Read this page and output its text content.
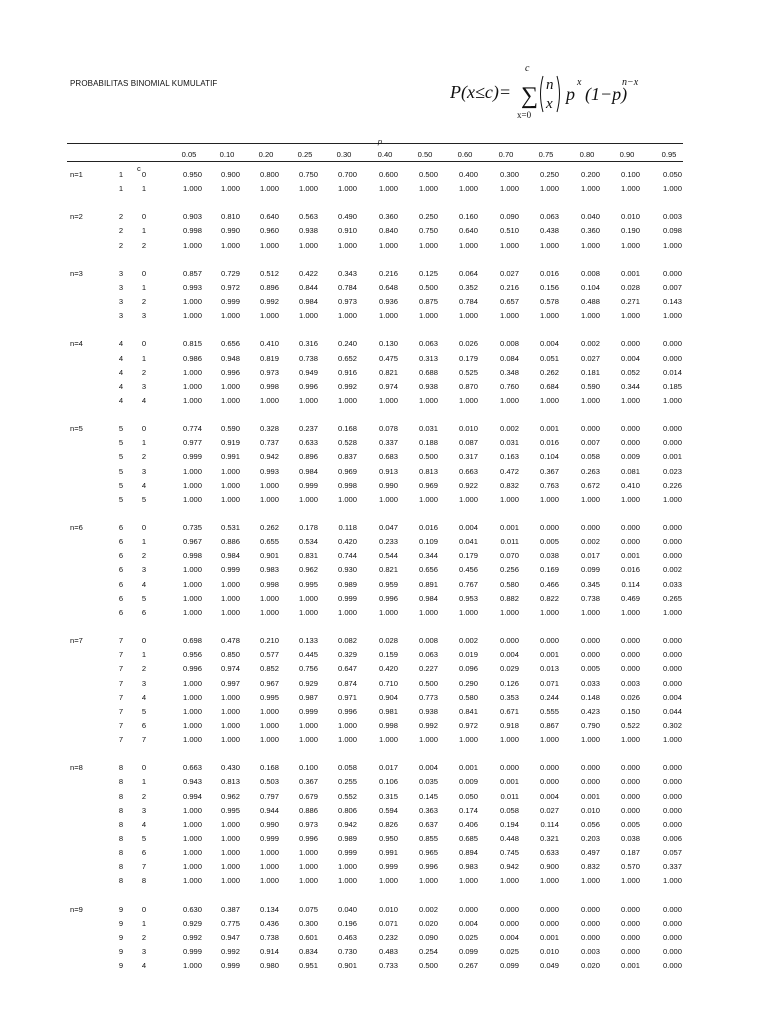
PROBABILITAS BINOMIAL KUMULATIF	P(x≤c)= ∑
c
x=0
n
x p
x
(1−p)
n−x
p
0.05	0.10	0.20	0.25	0.30	0.40	0.50	0.60	0.70	0.75	0.80	0.90	0.95
c
n=1	1	0	0.950	0.900	0.800	0.750	0.700	0.600	0.500	0.400	0.300	0.250	0.200	0.100	0.050
1	1	1.000	1.000	1.000	1.000	1.000	1.000	1.000	1.000	1.000	1.000	1.000	1.000	1.000
n=2	2	0	0.903	0.810	0.640	0.563	0.490	0.360	0.250	0.160	0.090	0.063	0.040	0.010	0.003
2	1	0.998	0.990	0.960	0.938	0.910	0.840	0.750	0.640	0.510	0.438	0.360	0.190	0.098
2	2	1.000	1.000	1.000	1.000	1.000	1.000	1.000	1.000	1.000	1.000	1.000	1.000	1.000
n=3	3	0	0.857	0.729	0.512	0.422	0.343	0.216	0.125	0.064	0.027	0.016	0.008	0.001	0.000
3	1	0.993	0.972	0.896	0.844	0.784	0.648	0.500	0.352	0.216	0.156	0.104	0.028	0.007
3	2	1.000	0.999	0.992	0.984	0.973	0.936	0.875	0.784	0.657	0.578	0.488	0.271	0.143
3	3	1.000	1.000	1.000	1.000	1.000	1.000	1.000	1.000	1.000	1.000	1.000	1.000	1.000
n=4	4	0	0.815	0.656	0.410	0.316	0.240	0.130	0.063	0.026	0.008	0.004	0.002	0.000	0.000
4	1	0.986	0.948	0.819	0.738	0.652	0.475	0.313	0.179	0.084	0.051	0.027	0.004	0.000
4	2	1.000	0.996	0.973	0.949	0.916	0.821	0.688	0.525	0.348	0.262	0.181	0.052	0.014
4	3	1.000	1.000	0.998	0.996	0.992	0.974	0.938	0.870	0.760	0.684	0.590	0.344	0.185
4	4	1.000	1.000	1.000	1.000	1.000	1.000	1.000	1.000	1.000	1.000	1.000	1.000	1.000
n=5	5	0	0.774	0.590	0.328	0.237	0.168	0.078	0.031	0.010	0.002	0.001	0.000	0.000	0.000
5	1	0.977	0.919	0.737	0.633	0.528	0.337	0.188	0.087	0.031	0.016	0.007	0.000	0.000
5	2	0.999	0.991	0.942	0.896	0.837	0.683	0.500	0.317	0.163	0.104	0.058	0.009	0.001
5	3	1.000	1.000	0.993	0.984	0.969	0.913	0.813	0.663	0.472	0.367	0.263	0.081	0.023
5	4	1.000	1.000	1.000	0.999	0.998	0.990	0.969	0.922	0.832	0.763	0.672	0.410	0.226
5	5	1.000	1.000	1.000	1.000	1.000	1.000	1.000	1.000	1.000	1.000	1.000	1.000	1.000
n=6	6	0	0.735	0.531	0.262	0.178	0.118	0.047	0.016	0.004	0.001	0.000	0.000	0.000	0.000
6	1	0.967	0.886	0.655	0.534	0.420	0.233	0.109	0.041	0.011	0.005	0.002	0.000	0.000
6	2	0.998	0.984	0.901	0.831	0.744	0.544	0.344	0.179	0.070	0.038	0.017	0.001	0.000
6	3	1.000	0.999	0.983	0.962	0.930	0.821	0.656	0.456	0.256	0.169	0.099	0.016	0.002
6	4	1.000	1.000	0.998	0.995	0.989	0.959	0.891	0.767	0.580	0.466	0.345	0.114	0.033
6	5	1.000	1.000	1.000	1.000	0.999	0.996	0.984	0.953	0.882	0.822	0.738	0.469	0.265
6	6	1.000	1.000	1.000	1.000	1.000	1.000	1.000	1.000	1.000	1.000	1.000	1.000	1.000
n=7	7	0	0.698	0.478	0.210	0.133	0.082	0.028	0.008	0.002	0.000	0.000	0.000	0.000	0.000
7	1	0.956	0.850	0.577	0.445	0.329	0.159	0.063	0.019	0.004	0.001	0.000	0.000	0.000
7	2	0.996	0.974	0.852	0.756	0.647	0.420	0.227	0.096	0.029	0.013	0.005	0.000	0.000
7	3	1.000	0.997	0.967	0.929	0.874	0.710	0.500	0.290	0.126	0.071	0.033	0.003	0.000
7	4	1.000	1.000	0.995	0.987	0.971	0.904	0.773	0.580	0.353	0.244	0.148	0.026	0.004
7	5	1.000	1.000	1.000	0.999	0.996	0.981	0.938	0.841	0.671	0.555	0.423	0.150	0.044
7	6	1.000	1.000	1.000	1.000	1.000	0.998	0.992	0.972	0.918	0.867	0.790	0.522	0.302
7	7	1.000	1.000	1.000	1.000	1.000	1.000	1.000	1.000	1.000	1.000	1.000	1.000	1.000
n=8	8	0	0.663	0.430	0.168	0.100	0.058	0.017	0.004	0.001	0.000	0.000	0.000	0.000	0.000
8	1	0.943	0.813	0.503	0.367	0.255	0.106	0.035	0.009	0.001	0.000	0.000	0.000	0.000
8	2	0.994	0.962	0.797	0.679	0.552	0.315	0.145	0.050	0.011	0.004	0.001	0.000	0.000
8	3	1.000	0.995	0.944	0.886	0.806	0.594	0.363	0.174	0.058	0.027	0.010	0.000	0.000
8	4	1.000	1.000	0.990	0.973	0.942	0.826	0.637	0.406	0.194	0.114	0.056	0.005	0.000
8	5	1.000	1.000	0.999	0.996	0.989	0.950	0.855	0.685	0.448	0.321	0.203	0.038	0.006
8	6	1.000	1.000	1.000	1.000	0.999	0.991	0.965	0.894	0.745	0.633	0.497	0.187	0.057
8	7	1.000	1.000	1.000	1.000	1.000	0.999	0.996	0.983	0.942	0.900	0.832	0.570	0.337
8	8	1.000	1.000	1.000	1.000	1.000	1.000	1.000	1.000	1.000	1.000	1.000	1.000	1.000
n=9	9	0	0.630	0.387	0.134	0.075	0.040	0.010	0.002	0.000	0.000	0.000	0.000	0.000	0.000
9	1	0.929	0.775	0.436	0.300	0.196	0.071	0.020	0.004	0.000	0.000	0.000	0.000	0.000
9	2	0.992	0.947	0.738	0.601	0.463	0.232	0.090	0.025	0.004	0.001	0.000	0.000	0.000
9	3	0.999	0.992	0.914	0.834	0.730	0.483	0.254	0.099	0.025	0.010	0.003	0.000	0.000
9	4	1.000	0.999	0.980	0.951	0.901	0.733	0.500	0.267	0.099	0.049	0.020	0.001	0.000
